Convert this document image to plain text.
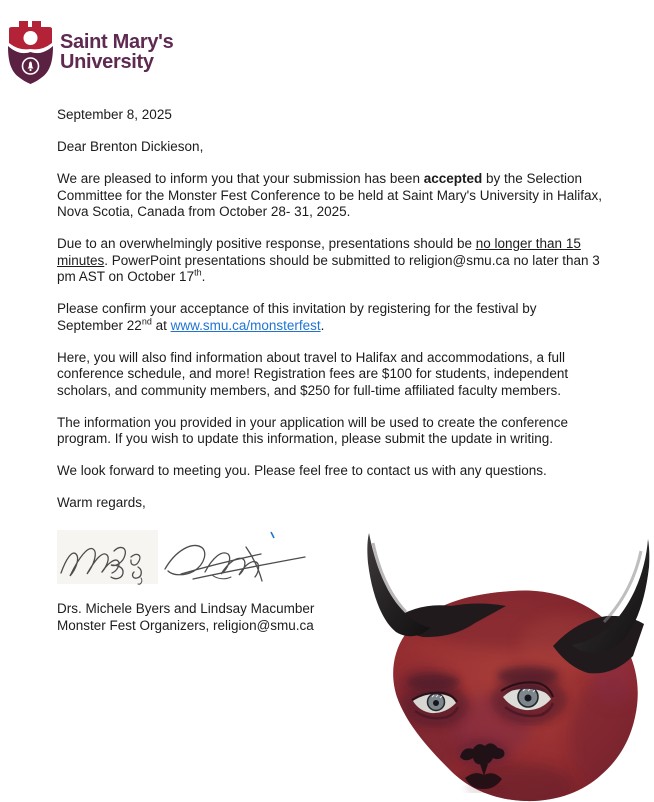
Saint Mary's
University

September 8, 2025

Dear Brenton Dickieson,

We are pleased to inform you that your submission has been accepted by the Selection Committee for the Monster Fest Conference to be held at Saint Mary's University in Halifax, Nova Scotia, Canada from October 28- 31, 2025.

Due to an overwhelmingly positive response, presentations should be no longer than 15 minutes. PowerPoint presentations should be submitted to religion@smu.ca no later than 3 pm AST on October 17th.

Please confirm your acceptance of this invitation by registering for the festival by September 22nd at www.smu.ca/monsterfest.

Here, you will also find information about travel to Halifax and accommodations, a full conference schedule, and more! Registration fees are $100 for students, independent scholars, and community members, and $250 for full-time affiliated faculty members.

The information you provided in your application will be used to create the conference program. If you wish to update this information, please submit the update in writing.

We look forward to meeting you. Please feel free to contact us with any questions.

Warm regards,

Drs. Michele Byers and Lindsay Macumber
Monster Fest Organizers, religion@smu.ca
